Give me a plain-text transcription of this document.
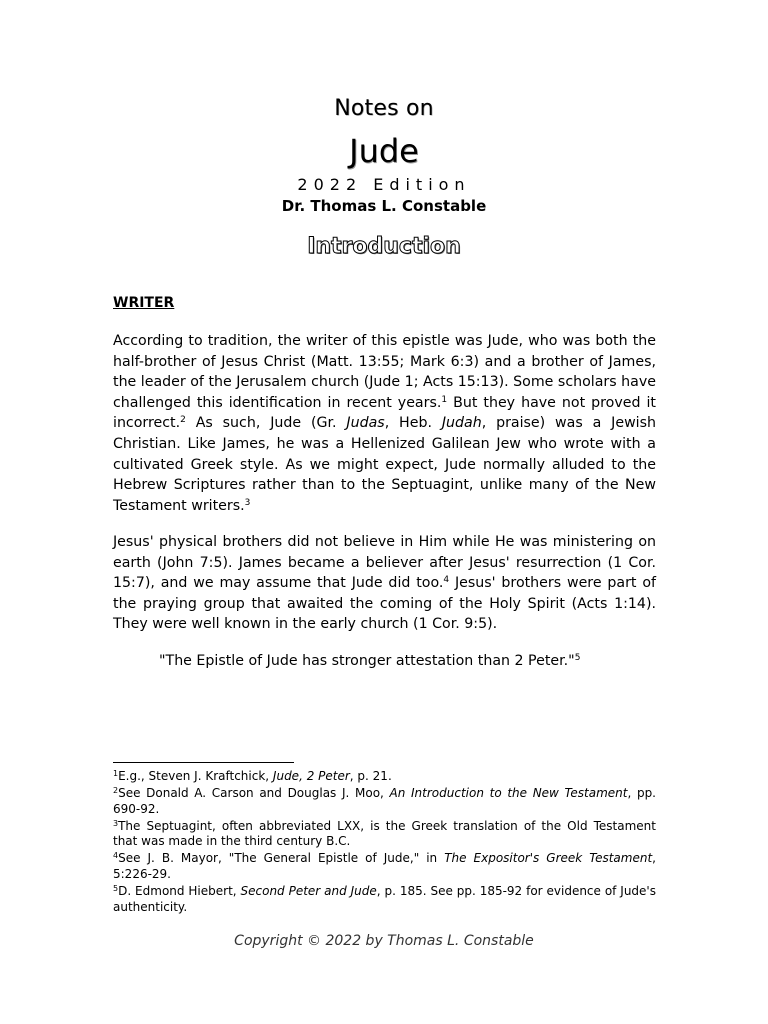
Notes on
Jude
2022 Edition
Dr. Thomas L. Constable
Introduction
WRITER

According to tradition, the writer of this epistle was Jude, who was both the half-brother of Jesus Christ (Matt. 13:55; Mark 6:3) and a brother of James, the leader of the Jerusalem church (Jude 1; Acts 15:13). Some scholars have challenged this identification in recent years.$^1$ But they have not proved it incorrect.$^2$ As such, Jude (Gr. Judas, Heb. Judah, praise) was a Jewish Christian. Like James, he was a Hellenized Galilean Jew who wrote with a cultivated Greek style. As we might expect, Jude normally alluded to the Hebrew Scriptures rather than to the Septuagint, unlike many of the New Testament writers.$^3$

Jesus' physical brothers did not believe in Him while He was ministering on earth (John 7:5). James became a believer after Jesus' resurrection (1 Cor. 15:7), and we may assume that Jude did too.$^4$ Jesus' brothers were part of the praying group that awaited the coming of the Holy Spirit (Acts 1:14). They were well known in the early church (1 Cor. 9:5).

"The Epistle of Jude has stronger attestation than 2 Peter."$^5$

$^1$E.g., Steven J. Kraftchick, Jude, 2 Peter, p. 21.

$^2$See Donald A. Carson and Douglas J. Moo, An Introduction to the New Testament, pp. 690-92.

$^3$The Septuagint, often abbreviated LXX, is the Greek translation of the Old Testament that was made in the third century B.C.

$^4$See J. B. Mayor, "The General Epistle of Jude," in The Expositor's Greek Testament, 5:226-29.

$^5$D. Edmond Hiebert, Second Peter and Jude, p. 185. See pp. 185-92 for evidence of Jude's authenticity.

Copyright © 2022 by Thomas L. Constable
